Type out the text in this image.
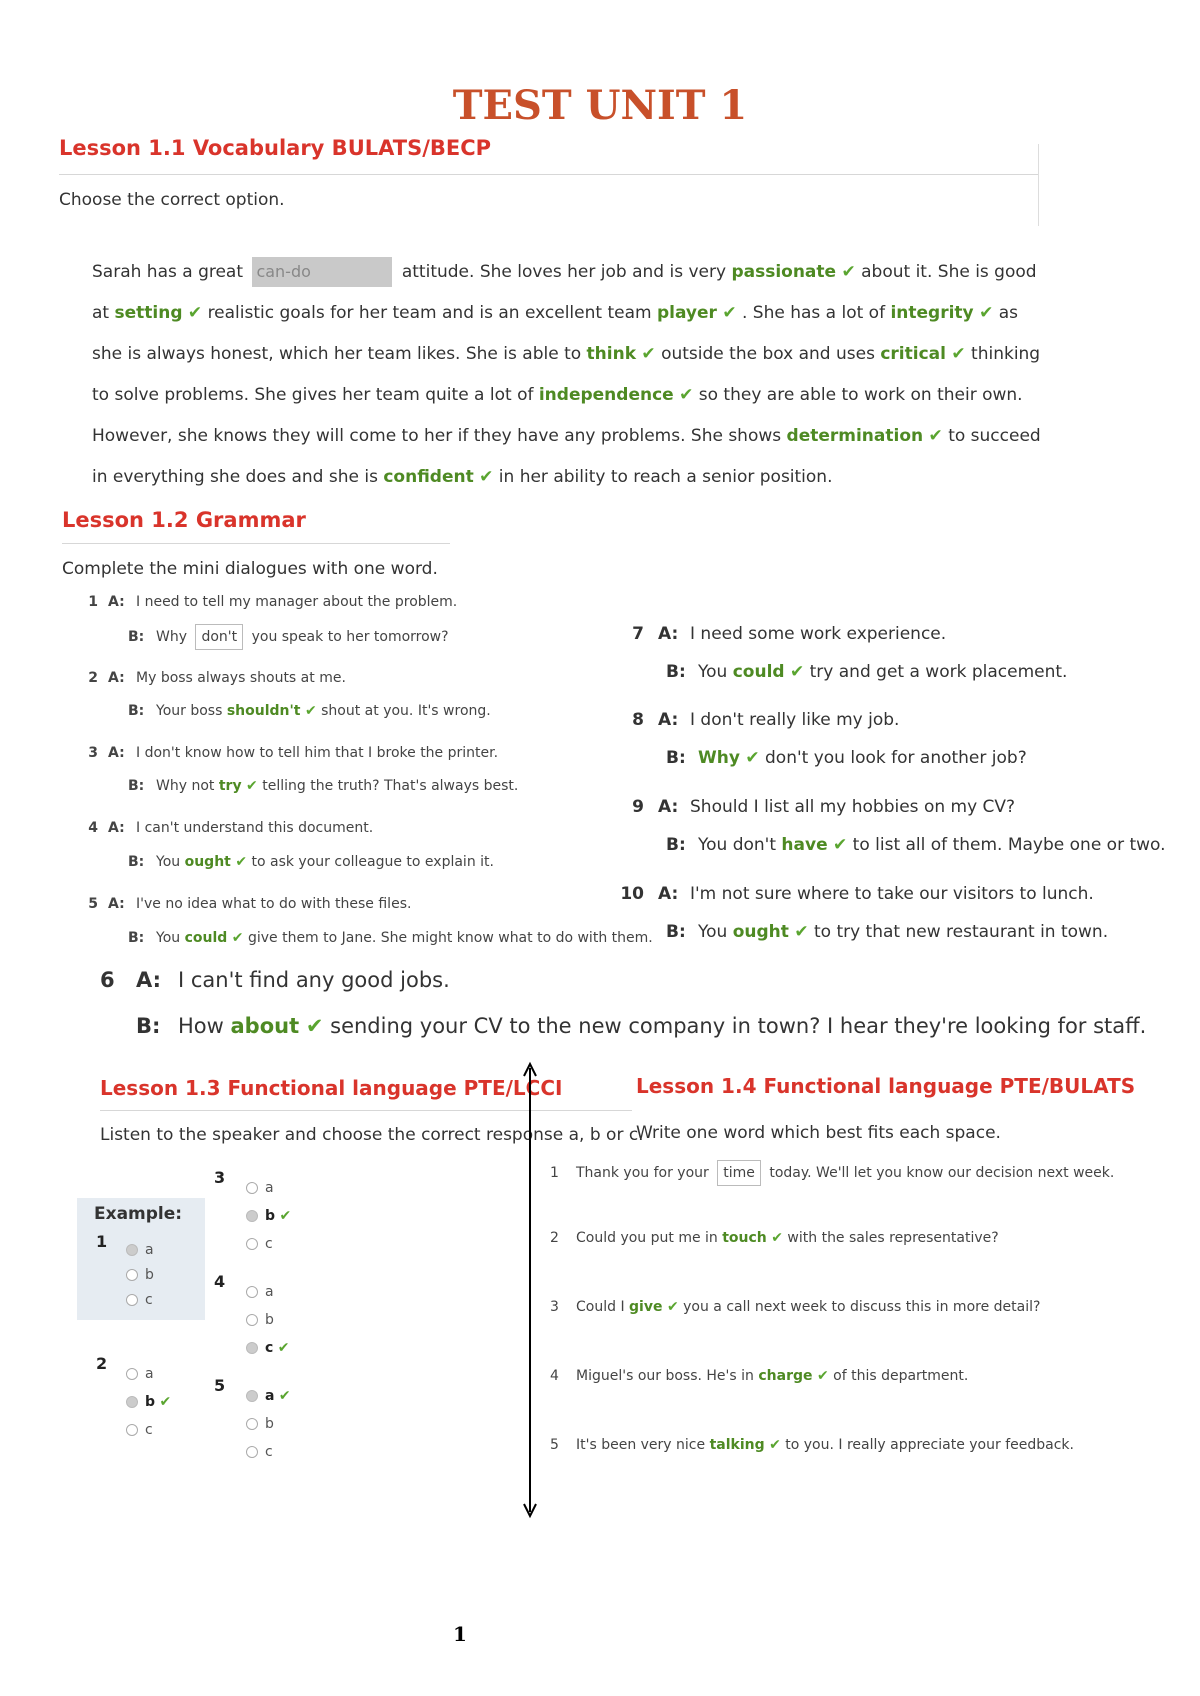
TEST UNIT 1
Lesson 1.1 Vocabulary BULATS/BECP
Choose the correct option.
Sarah has a great can-do	attitude. She loves her job and is very passionate ✔ about it. She is good at setting ✔ realistic goals for her team and is an excellent team player ✔ . She has a lot of integrity ✔ as she is always honest, which her team likes. She is able to think ✔ outside the box and uses critical ✔ thinking to solve problems. She gives her team quite a lot of independence ✔ so they are able to work on their own. However, she knows they will come to her if they have any problems. She shows determination ✔ to succeed in everything she does and she is confident ✔ in her ability to reach a senior position.
Lesson 1.2 Grammar
Complete the mini dialogues with one word.
1 A: I need to tell my manager about the problem.
B: Why don't you speak to her tomorrow?
2 A: My boss always shouts at me.
B: Your boss shouldn't ✔ shout at you. It's wrong.
3 A: I don't know how to tell him that I broke the printer.
B: Why not try ✔ telling the truth? That's always best.
4 A: I can't understand this document.
B: You ought ✔ to ask your colleague to explain it.
5 A: I've no idea what to do with these files.
B: You could ✔ give them to Jane. She might know what to do with them.
7 A: I need some work experience.
B: You could ✔ try and get a work placement.
8 A: I don't really like my job.
B: Why ✔ don't you look for another job?
9 A: Should I list all my hobbies on my CV?
B: You don't have ✔ to list all of them. Maybe one or two.
10 A: I'm not sure where to take our visitors to lunch.
B: You ought ✔ to try that new restaurant in town.
6 A: I can't find any good jobs.
B: How about ✔ sending your CV to the new company in town? I hear they're looking for staff.
Lesson 1.3 Functional language PTE/LCCI
Listen to the speaker and choose the correct response a, b or c.
Example:
1	a
b
c
2
a
b ✔
c
3
a
b ✔
c
4
a
b
c ✔
5
a ✔
b
c
Lesson 1.4 Functional language PTE/BULATS
Write one word which best fits each space.
1 Thank you for your time today. We'll let you know our decision next week.
2 Could you put me in touch ✔ with the sales representative?
3 Could I give ✔ you a call next week to discuss this in more detail?
4 Miguel's our boss. He's in charge ✔ of this department.
5 It's been very nice talking ✔ to you. I really appreciate your feedback.
1
